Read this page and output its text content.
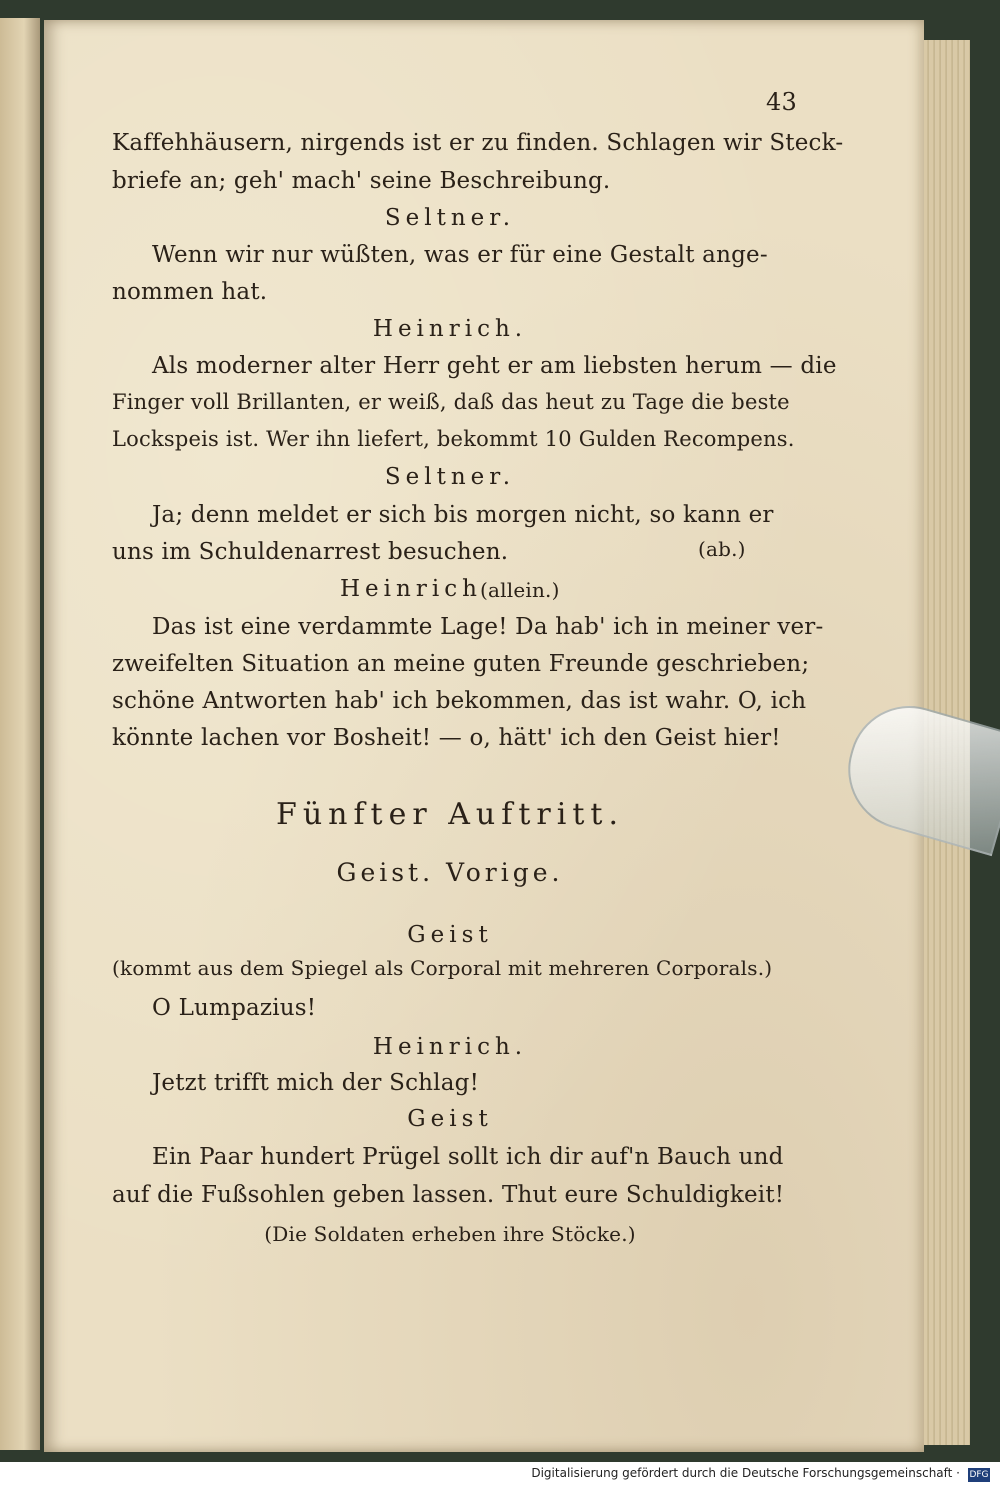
43
Kaffehhäusern, nirgends ist er zu finden. Schlagen wir Steck-
briefe an; geh' mach' seine Beschreibung.
Seltner.
Wenn wir nur wüßten, was er für eine Gestalt ange-
nommen hat.
Heinrich.
Als moderner alter Herr geht er am liebsten herum — die
Finger voll Brillanten, er weiß, daß das heut zu Tage die beste
Lockspeis ist. Wer ihn liefert, bekommt 10 Gulden Recompens.
Seltner.
Ja; denn meldet er sich bis morgen nicht, so kann er
uns im Schuldenarrest besuchen.	(ab.)
Heinrich
(allein.)
Das ist eine verdammte Lage! Da hab' ich in meiner ver-
zweifelten Situation an meine guten Freunde geschrieben;
schöne Antworten hab' ich bekommen, das ist wahr. O, ich
könnte lachen vor Bosheit! — o, hätt' ich den Geist hier!
Fünfter Auftritt.
Geist. Vorige.
Geist
(kommt aus dem Spiegel als Corporal mit mehreren Corporals.)
O Lumpazius!
Heinrich.
Jetzt trifft mich der Schlag!
Geist
Ein Paar hundert Prügel sollt ich dir auf'n Bauch und
auf die Fußsohlen geben lassen. Thut eure Schuldigkeit!
(Die Soldaten erheben ihre Stöcke.)
Digitalisierung gefördert durch die Deutsche Forschungsgemeinschaft · DFG
